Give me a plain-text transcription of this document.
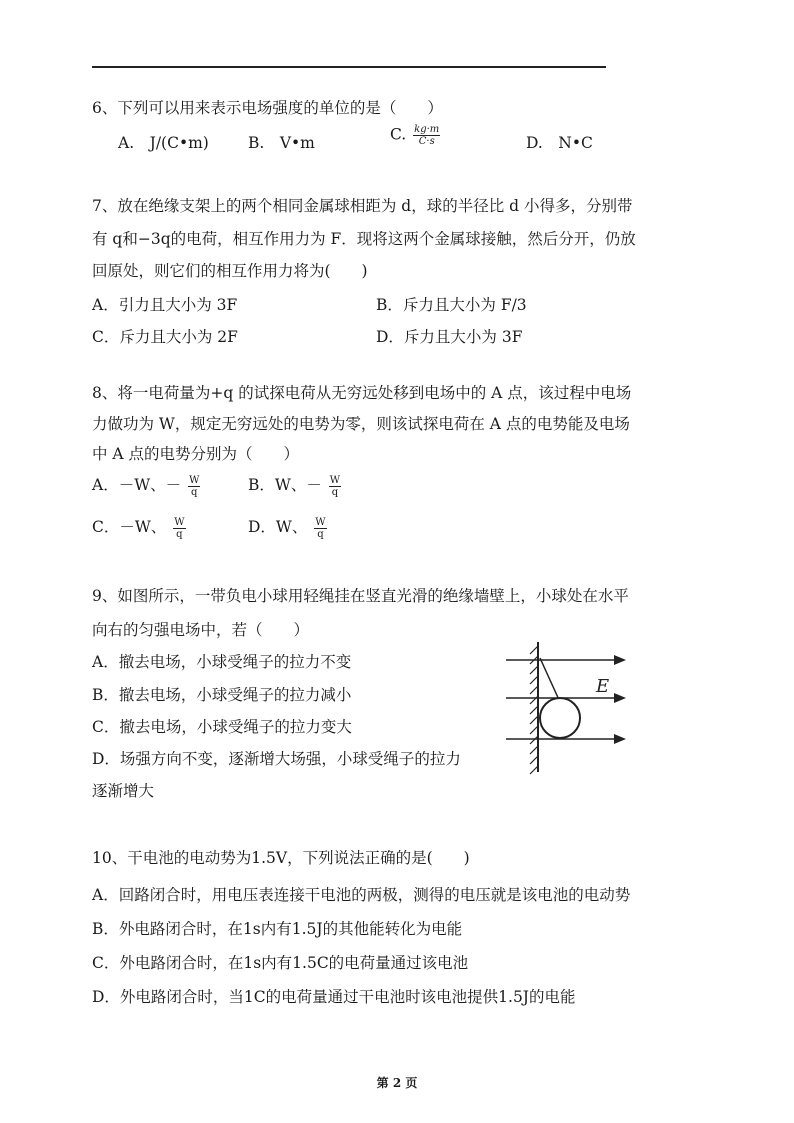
6、下列可以用来表示电场强度的单位的是（　　）
A.　J/(C•m)	B.　V•m	C. $\frac{kg\cdot m}{C\cdot s}$	D.　N•C
7、放在绝缘支架上的两个相同金属球相距为 d，球的半径比 d 小得多，分别带
有 q和−3q的电荷，相互作用力为 F．现将这两个金属球接触，然后分开，仍放
回原处，则它们的相互作用力将为(　　)
A．引力且大小为 3F	B．斥力且大小为 F/3
C．斥力且大小为 2F	D．斥力且大小为 3F
8、将一电荷量为+q 的试探电荷从无穷远处移到电场中的 A 点，该过程中电场
力做功为 W，规定无穷远处的电势为零，则该试探电荷在 A 点的电势能及电场
中 A 点的电势分别为（　　）
A．－W、－ $\frac{W}{q}$	B．W、－ $\frac{W}{q}$
C．－W、 $\frac{W}{q}$	D．W、 $\frac{W}{q}$
9、如图所示，一带负电小球用轻绳挂在竖直光滑的绝缘墙壁上，小球处在水平
向右的匀强电场中，若（　　）
A．撤去电场，小球受绳子的拉力不变
B．撤去电场，小球受绳子的拉力减小
C．撤去电场，小球受绳子的拉力变大
D．场强方向不变，逐渐增大场强，小球受绳子的拉力
逐渐增大
E
10、干电池的电动势为1.5V，下列说法正确的是(　　)
A．回路闭合时，用电压表连接干电池的两极，测得的电压就是该电池的电动势
B．外电路闭合时，在1s内有1.5J的其他能转化为电能
C．外电路闭合时，在1s内有1.5C的电荷量通过该电池
D．外电路闭合时，当1C的电荷量通过干电池时该电池提供1.5J的电能
第 2 页
